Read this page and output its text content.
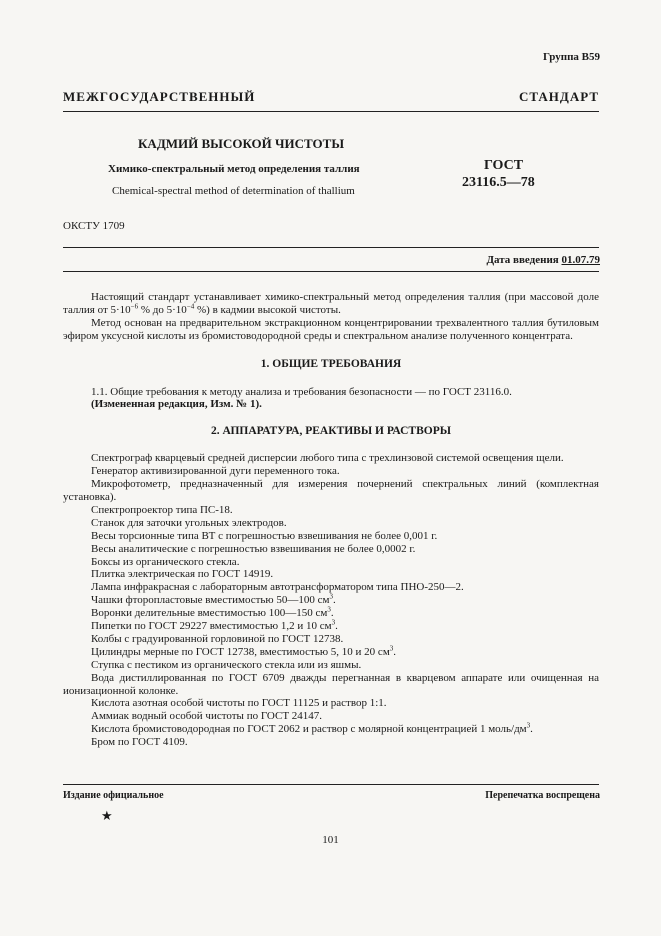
Группа В59
МЕЖГОСУДАРСТВЕННЫЙ СТАНДАРТ
КАДМИЙ ВЫСОКОЙ ЧИСТОТЫ
Химико-спектральный метод определения таллия
Chemical-spectral method of determination of thallium
ГОСТ
23116.5—78
ОКСТУ 1709
Дата введения 01.07.79

Настоящий стандарт устанавливает химико-спектральный метод определения таллия (при массовой доле таллия от $5\cdot 10^{-6}$ % до $5\cdot 10^{-4}$ %) в кадмии высокой чистоты.

Метод основан на предварительном экстракционном концентрировании трехвалентного таллия бутиловым эфиром уксусной кислоты из бромистоводородной среды и спектральном анализе полученного концентрата.

1. ОБЩИЕ ТРЕБОВАНИЯ

1.1. Общие требования к методу анализа и требования безопасности — по ГОСТ 23116.0.

(Измененная редакция, Изм. № 1).

2. АППАРАТУРА, РЕАКТИВЫ И РАСТВОРЫ

Спектрограф кварцевый средней дисперсии любого типа с трехлинзовой системой освещения щели.

Генератор активизированной дуги переменного тока.

Микрофотометр, предназначенный для измерения почернений спектральных линий (комплектная установка).

Спектропроектор типа ПС-18.

Станок для заточки угольных электродов.

Весы торсионные типа ВТ с погрешностью взвешивания не более 0,001 г.

Весы аналитические с погрешностью взвешивания не более 0,0002 г.

Боксы из органического стекла.

Плитка электрическая по ГОСТ 14919.

Лампа инфракрасная с лабораторным автотрансформатором типа ПНО-250—2.

Чашки фторопластовые вместимостью 50—100 $см^3$.

Воронки делительные вместимостью 100—150 $см^3$.

Пипетки по ГОСТ 29227 вместимостью 1,2 и 10 $см^3$.

Колбы с градуированной горловиной по ГОСТ 12738.

Цилиндры мерные по ГОСТ 12738, вместимостью 5, 10 и 20 $см^3$.

Ступка с пестиком из органического стекла или из яшмы.

Вода дистиллированная по ГОСТ 6709 дважды перегнанная в кварцевом аппарате или очищенная на ионизационной колонке.

Кислота азотная особой чистоты по ГОСТ 11125 и раствор 1:1.

Аммиак водный особой чистоты по ГОСТ 24147.

Кислота бромистоводородная по ГОСТ 2062 и раствор с молярной концентрацией 1 моль/$дм^3$.

Бром по ГОСТ 4109.

Издание официальное	Перепечатка воспрещена
★
101
